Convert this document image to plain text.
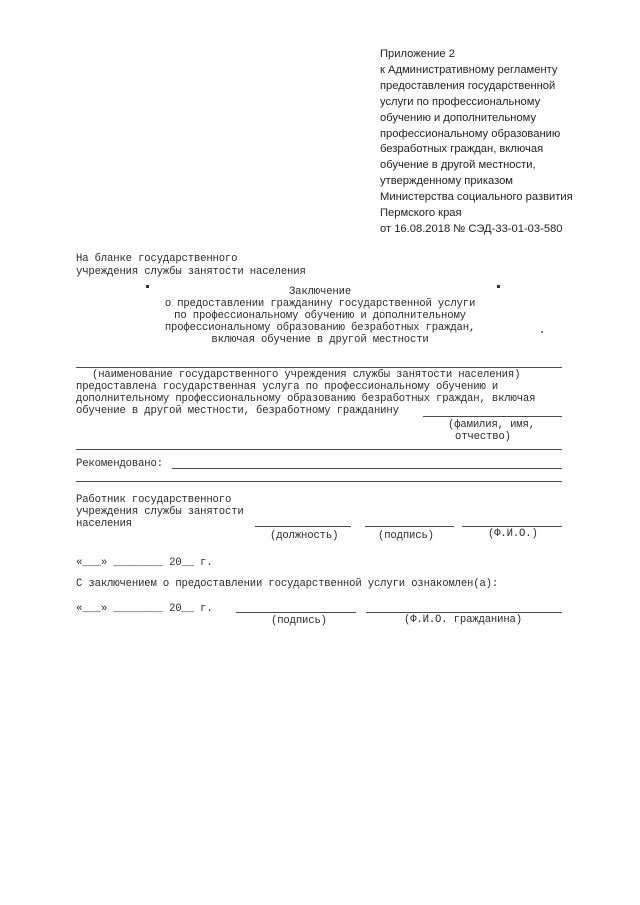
Приложение 2
к Административному регламенту
предоставления государственной
услуги по профессиональному
обучению и дополнительному
профессиональному образованию
безработных граждан, включая
обучение в другой местности,
утвержденному приказом
Министерства социального развития
Пермского края
от 16.08.2018 № СЭД-33-01-03-580
На бланке государственного
учреждения службы занятости населения
Заключение
о предоставлении гражданину государственной услуги
по профессиональному обучению и дополнительному
профессиональному образованию безработных граждан,
включая обучение в другой местности
(наименование государственного учреждения службы занятости населения)
предоставлена государственная услуга по профессиональному обучению и
дополнительному профессиональному образованию безработных граждан, включая
обучение в другой местности, безработному гражданину
(фамилия, имя,
отчество)
Рекомендовано:
Работник государственного
учреждения службы занятости
населения
(должность)	(подпись)	(Ф.И.О.)
«___» ________ 20__ г.
С заключением о предоставлении государственной услуги ознакомлен(а):
«___» ________ 20__ г.
(подпись)	(Ф.И.О. гражданина)
